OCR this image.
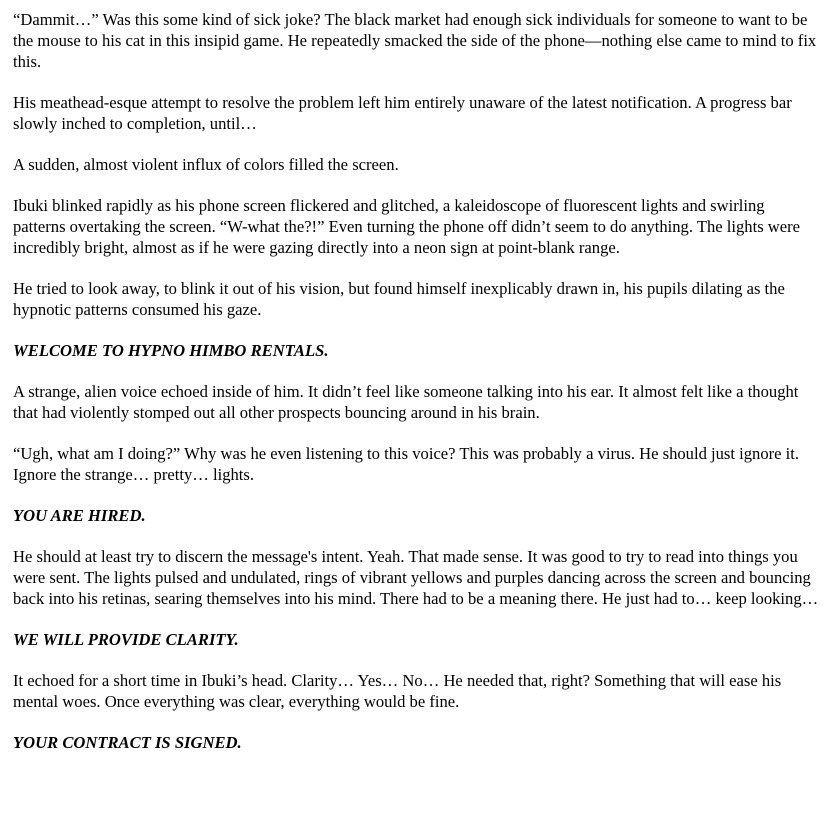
“Dammit…” Was this some kind of sick joke? The black market had enough sick individuals for someone to want to be the mouse to his cat in this insipid game. He repeatedly smacked the side of the phone—nothing else came to mind to fix this.

His meathead-esque attempt to resolve the problem left him entirely unaware of the latest notification. A progress bar slowly inched to completion, until…

A sudden, almost violent influx of colors filled the screen.

Ibuki blinked rapidly as his phone screen flickered and glitched, a kaleidoscope of fluorescent lights and swirling patterns overtaking the screen. “W-what the?!” Even turning the phone off didn’t seem to do anything. The lights were incredibly bright, almost as if he were gazing directly into a neon sign at point-blank range.

He tried to look away, to blink it out of his vision, but found himself inexplicably drawn in, his pupils dilating as the hypnotic patterns consumed his gaze.

WELCOME TO HYPNO HIMBO RENTALS.

A strange, alien voice echoed inside of him. It didn’t feel like someone talking into his ear. It almost felt like a thought that had violently stomped out all other prospects bouncing around in his brain.

“Ugh, what am I doing?” Why was he even listening to this voice? This was probably a virus. He should just ignore it. Ignore the strange… pretty… lights.

YOU ARE HIRED.

He should at least try to discern the message's intent. Yeah. That made sense. It was good to try to read into things you were sent. The lights pulsed and undulated, rings of vibrant yellows and purples dancing across the screen and bouncing back into his retinas, searing themselves into his mind. There had to be a meaning there. He just had to… keep looking…

WE WILL PROVIDE CLARITY.

It echoed for a short time in Ibuki’s head. Clarity… Yes… No… He needed that, right? Something that will ease his mental woes. Once everything was clear, everything would be fine.

YOUR CONTRACT IS SIGNED.
